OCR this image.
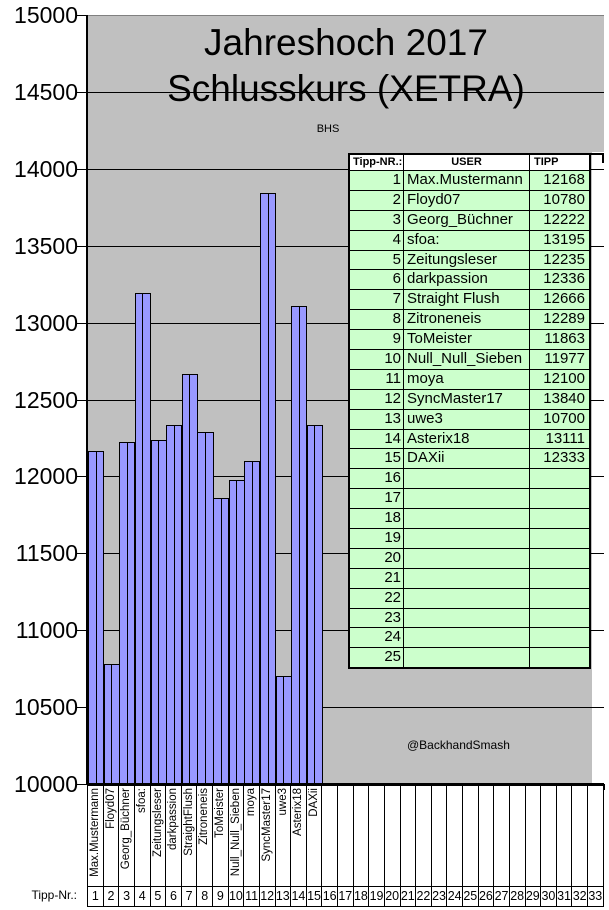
15000
14500
14000
13500
13000
12500
12000
11500
11000
10500
10000
Jahreshoch 2017
Schlusskurs (XETRA)
BHS
@BackhandSmash
Max.Mustermann Floyd07 Georg_Büchner sfoa: Zeitungsleser darkpassion StraightFlush Zitroneneis ToMeister Null_Null_Sieben moya SyncMaster17 uwe3 Asterix18 DAXii
1 2 3 4 5 6 7 8 9 10 11 12 13 14 15 16 17 18 19 20 21 22 23 24 25 26 27 28 29 30 31 32 33
Tipp-Nr.:
Tipp-NR.:	USER	TIPP
1 Max.Mustermann	12168
2 Floyd07	10780
3 Georg_Büchner	12222
4 sfoa:	13195
5 Zeitungsleser	12235
6 darkpassion	12336
7 Straight Flush	12666
8 Zitroneneis	12289
9 ToMeister	11863
10 Null_Null_Sieben	11977
11 moya	12100
12 SyncMaster17	13840
13 uwe3	10700
14 Asterix18	13111
15 DAXii	12333
16
17
18
19
20
21
22
23
24
25
